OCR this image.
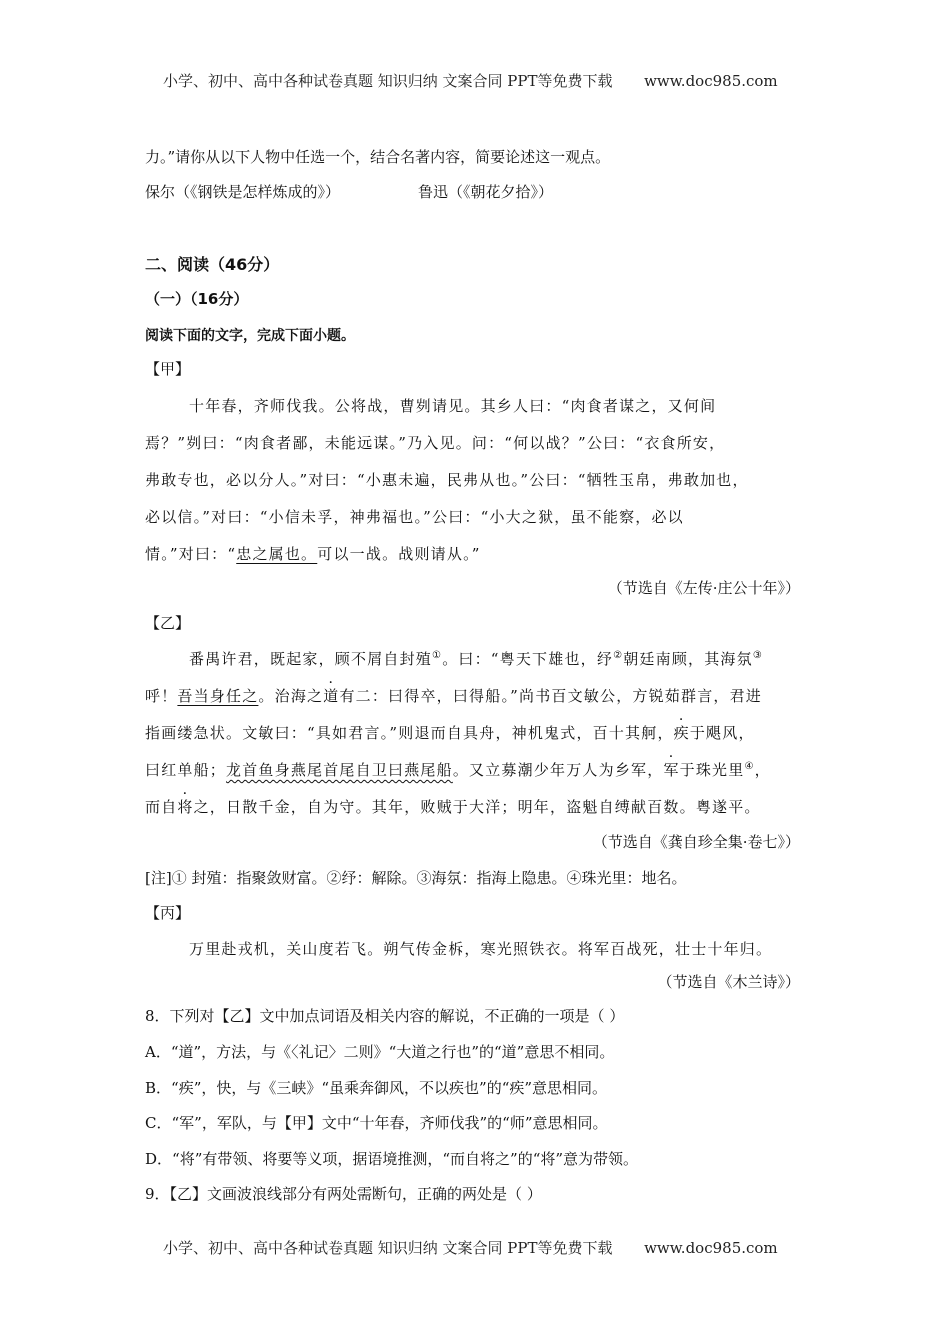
小学、初中、高中各种试卷真题 知识归纳 文案合同 PPT等免费下载 www.doc985.com
力。”请你从以下人物中任选一个，结合名著内容，简要论述这一观点。
保尔（《钢铁是怎样炼成的》）	鲁迅（《朝花夕拾》）
二、阅读（46分）
（一）（16分）
阅读下面的文字，完成下面小题。
【甲】
十年春，齐师伐我。公将战，曹刿请见。其乡人曰：“肉食者谋之，又何间
焉？”刿曰：“肉食者鄙，未能远谋。”乃入见。问：“何以战？”公曰：“衣食所安，
弗敢专也，必以分人。”对曰：“小惠未遍，民弗从也。”公曰：“牺牲玉帛，弗敢加也，
必以信。”对曰：“小信未孚，神弗福也。”公曰：“小大之狱，虽不能察，必以
情。”对曰：“忠之属也。可以一战。战则请从。”
（节选自《左传·庄公十年》）
【乙】
番禺许君，既起家，顾不屑自封殖①。曰：“粤天下雄也，纾②朝廷南顾，其海氛③
呼！吾当身任之。治海之道有二：曰得卒，曰得船。”尚书百文敏公，方锐茹群言，君进
指画缕急状。文敏曰：“具如君言。”则退而自具舟，神机鬼式，百十其舸，疾于飓风，
曰红单船；龙首鱼身燕尾首尾自卫曰燕尾船。又立募潮少年万人为乡军，军于珠光里④，
而自将之，日散千金，自为守。其年，败贼于大洋；明年，盗魁自缚献百数。粤遂平。
（节选自《龚自珍全集·卷七》）
[注]① 封殖：指聚敛财富。②纾：解除。③海氛：指海上隐患。④珠光里：地名。
【丙】
万里赴戎机，关山度若飞。朔气传金柝，寒光照铁衣。将军百战死，壮士十年归。
（节选自《木兰诗》）
8．下列对【乙】文中加点词语及相关内容的解说，不正确的一项是（ ）
A．“道”，方法，与《〈礼记〉二则》“大道之行也”的“道”意思不相同。
B．“疾”，快，与《三峡》“虽乘奔御风，不以疾也”的“疾”意思相同。
C．“军”，军队，与【甲】文中“十年春，齐师伐我”的“师”意思相同。
D．“将”有带领、将要等义项，据语境推测，“而自将之”的“将”意为带领。
9．【乙】文画波浪线部分有两处需断句，正确的两处是（ ）
小学、初中、高中各种试卷真题 知识归纳 文案合同 PPT等免费下载 www.doc985.com
